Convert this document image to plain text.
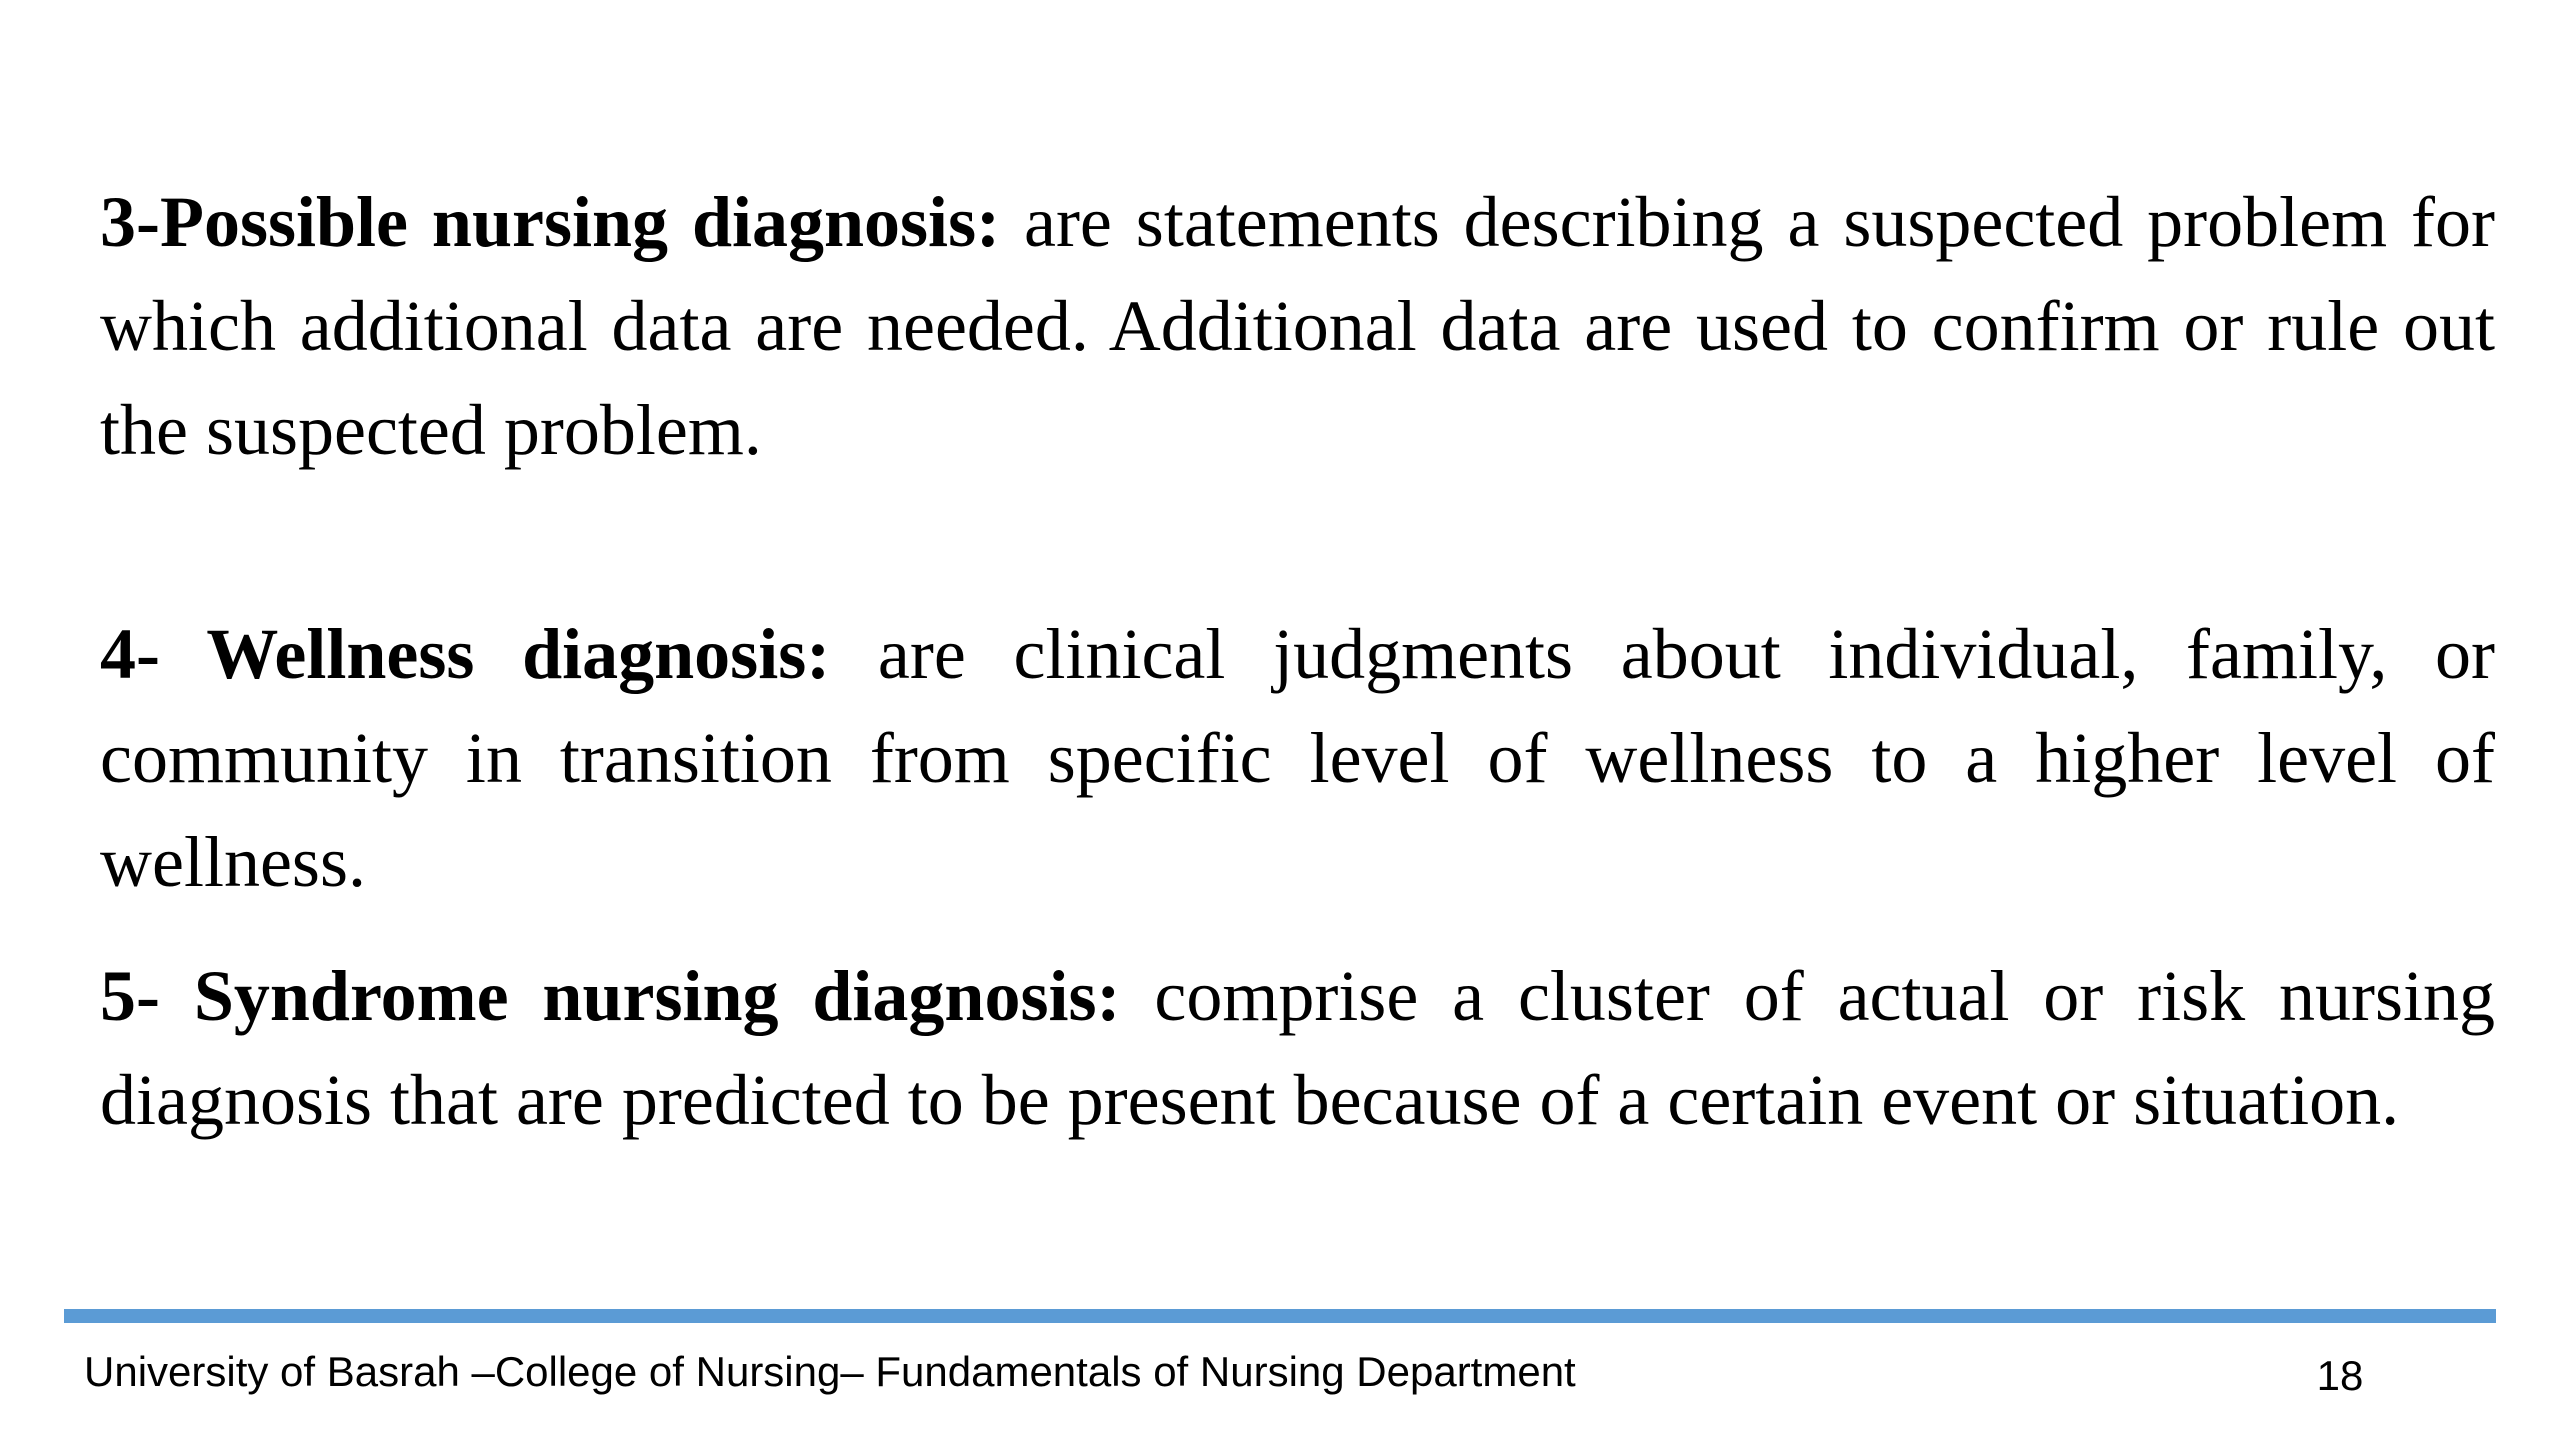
3-Possible nursing diagnosis: are statements describing a suspected problem for which additional data are needed. Additional data are used to confirm or rule out the suspected problem.

4- Wellness diagnosis: are clinical judgments about individual, family, or community in transition from specific level of wellness to a higher level of wellness.

5- Syndrome nursing diagnosis: comprise a cluster of actual or risk nursing diagnosis that are predicted to be present because of a certain event or situation.

University of Basrah –College of Nursing– Fundamentals of Nursing Department	18
